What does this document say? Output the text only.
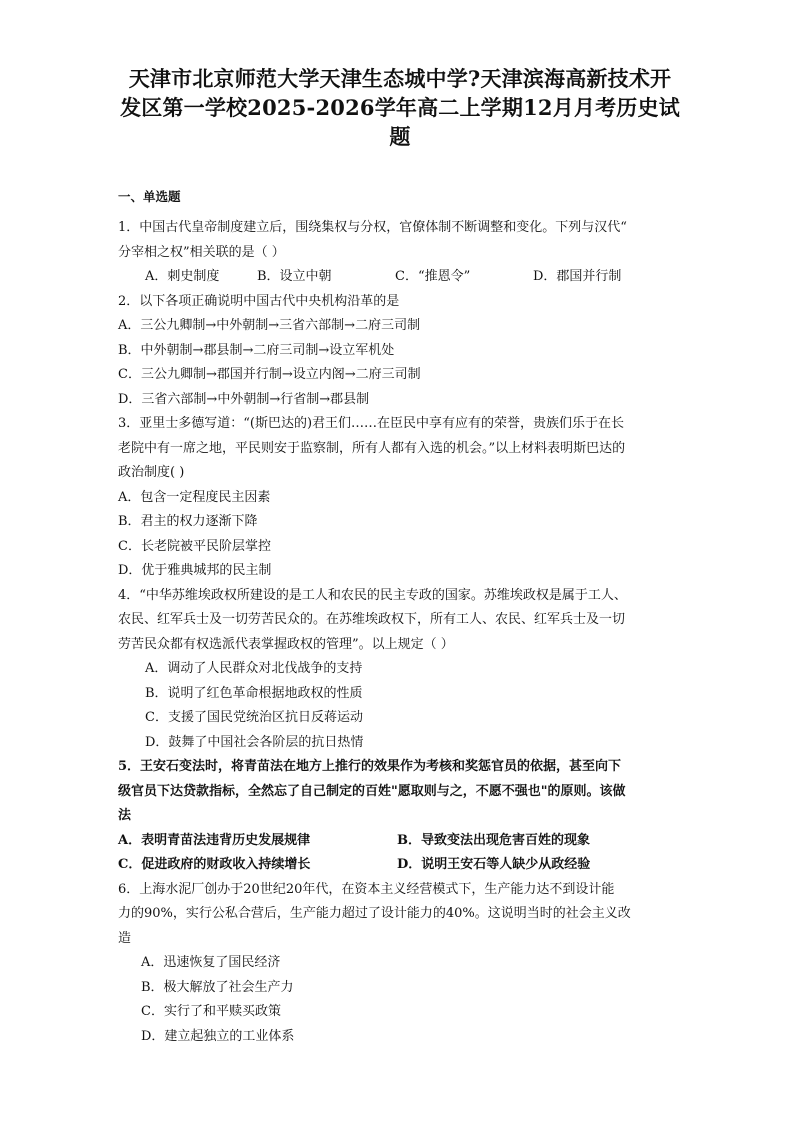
天津市北京师范大学天津生态城中学?天津滨海高新技术开
发区第一学校2025-2026学年高二上学期12月月考历史试
题
一、单选题
1．中国古代皇帝制度建立后，围绕集权与分权，官僚体制不断调整和变化。下列与汉代“
分宰相之权”相关联的是（ ）
A．刺史制度	B．设立中朝	C．“推恩令”	D．郡国并行制
2．以下各项正确说明中国古代中央机构沿革的是
A．三公九卿制→中外朝制→三省六部制→二府三司制
B．中外朝制→郡县制→二府三司制→设立军机处
C．三公九卿制→郡国并行制→设立内阁→二府三司制
D．三省六部制→中外朝制→行省制→郡县制
3．亚里士多德写道：“(斯巴达的)君王们……在臣民中享有应有的荣誉，贵族们乐于在长
老院中有一席之地，平民则安于监察制，所有人都有入选的机会。”以上材料表明斯巴达的
政治制度( )
A．包含一定程度民主因素
B．君主的权力逐渐下降
C．长老院被平民阶层掌控
D．优于雅典城邦的民主制
4．“中华苏维埃政权所建设的是工人和农民的民主专政的国家。苏维埃政权是属于工人、
农民、红军兵士及一切劳苦民众的。在苏维埃政权下，所有工人、农民、红军兵士及一切
劳苦民众都有权选派代表掌握政权的管理”。以上规定（ ）
A．调动了人民群众对北伐战争的支持
B．说明了红色革命根据地政权的性质
C．支援了国民党统治区抗日反蒋运动
D．鼓舞了中国社会各阶层的抗日热情
5．王安石变法时，将青苗法在地方上推行的效果作为考核和奖惩官员的依据，甚至向下
级官员下达贷款指标，全然忘了自己制定的百姓"愿取则与之，不愿不强也"的原则。该做
法
A．表明青苗法违背历史发展规律	B．导致变法出现危害百姓的现象
C．促进政府的财政收入持续增长	D．说明王安石等人缺少从政经验
6．上海水泥厂创办于20世纪20年代，在资本主义经营模式下，生产能力达不到设计能
力的90%，实行公私合营后，生产能力超过了设计能力的40%。这说明当时的社会主义改
造
A．迅速恢复了国民经济
B．极大解放了社会生产力
C．实行了和平赎买政策
D．建立起独立的工业体系
